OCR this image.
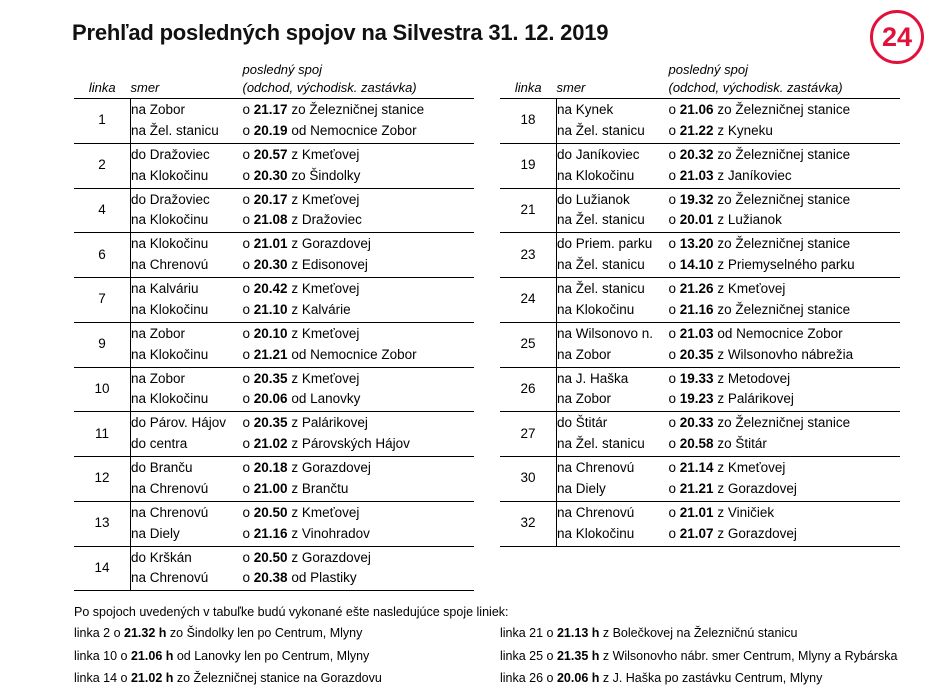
24
Prehľad posledných spojov na Silvestra 31. 12. 2019
		posledný spoj
linka	smer	(odchod, východisk. zastávka)
1	na Zobor	o 21.17 zo Železničnej stanice
	na Žel. stanicu	o 20.19 od Nemocnice Zobor
2	do Dražoviec	o 20.57 z Kmeťovej
	na Klokočinu	o 20.30 zo Šindolky
4	do Dražoviec	o 20.17 z Kmeťovej
	na Klokočinu	o 21.08 z Dražoviec
6	na Klokočinu	o 21.01 z Gorazdovej
	na Chrenovú	o 20.30 z Edisonovej
7	na Kalváriu	o 20.42 z Kmeťovej
	na Klokočinu	o 21.10 z Kalvárie
9	na Zobor	o 20.10 z Kmeťovej
	na Klokočinu	o 21.21 od Nemocnice Zobor
10	na Zobor	o 20.35 z Kmeťovej
	na Klokočinu	o 20.06 od Lanovky
11	do Párov. Hájov	o 20.35 z Palárikovej
	do centra	o 21.02 z Párovských Hájov
12	do Branču	o 20.18 z Gorazdovej
	na Chrenovú	o 21.00 z Brančtu
13	na Chrenovú	o 20.50 z Kmeťovej
	na Diely	o 21.16 z Vinohradov
14	do Krškán	o 20.50 z Gorazdovej
	na Chrenovú	o 20.38 od Plastiky
		posledný spoj
linka	smer	(odchod, východisk. zastávka)
18	na Kynek	o 21.06 zo Železničnej stanice
	na Žel. stanicu	o 21.22 z Kyneku
19	do Janíkoviec	o 20.32 zo Železničnej stanice
	na Klokočinu	o 21.03 z Janíkoviec
21	do Lužianok	o 19.32 zo Železničnej stanice
	na Žel. stanicu	o 20.01 z Lužianok
23	do Priem. parku	o 13.20 zo Železničnej stanice
	na Žel. stanicu	o 14.10 z Priemyselného parku
24	na Žel. stanicu	o 21.26 z Kmeťovej
	na Klokočinu	o 21.16 zo Železničnej stanice
25	na Wilsonovo n.	o 21.03 od Nemocnice Zobor
	na Zobor	o 20.35 z Wilsonovho nábrežia
26	na J. Haška	o 19.33 z Metodovej
	na Zobor	o 19.23 z Palárikovej
27	do Štitár	o 20.33 zo Železničnej stanice
	na Žel. stanicu	o 20.58 zo Štitár
30	na Chrenovú	o 21.14 z Kmeťovej
	na Diely	o 21.21 z Gorazdovej
32	na Chrenovú	o 21.01 z Viničiek
	na Klokočinu	o 21.07 z Gorazdovej
Po spojoch uvedených v tabuľke budú vykonané ešte nasledujúce spoje liniek:
linka 2 o 21.32 h zo Šindolky len po Centrum, Mlyny
linka 10 o 21.06 h od Lanovky len po Centrum, Mlyny
linka 14 o 21.02 h zo Železničnej stanice na Gorazdovu
linka 21 o 21.13 h z Bolečkovej na Železničnú stanicu
linka 25 o 21.35 h z Wilsonovho nábr. smer Centrum, Mlyny a Rybárska
linka 26 o 20.06 h z J. Haška po zastávku Centrum, Mlyny
